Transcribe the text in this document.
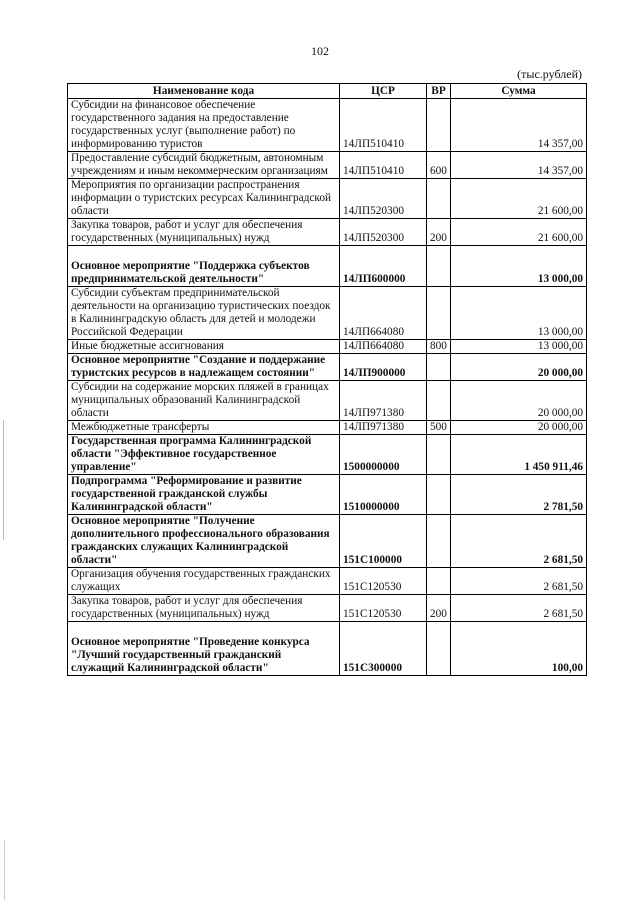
102
(тыс.рублей)
Наименование кода	ЦСР	ВР	Сумма
Субсидии на финансовое обеспечение государственного задания на предоставление государственных услуг (выполнение работ) по информированию туристов	14ЛП510410		14 357,00
Предоставление субсидий бюджетным, автономным учреждениям и иным некоммерческим организациям	14ЛП510410	600	14 357,00
Мероприятия по организации распространения информации о туристских ресурсах Калининградской области	14ЛП520300		21 600,00
Закупка товаров, работ и услуг для обеспечения государственных (муниципальных) нужд	14ЛП520300	200	21 600,00
Основное мероприятие "Поддержка субъектов предпринимательской деятельности"	14ЛП600000		13 000,00
Субсидии субъектам предпринимательской деятельности на организацию туристических поездок в Калининградскую область для детей и молодежи Российской Федерации	14ЛП664080		13 000,00
Иные бюджетные ассигнования	14ЛП664080	800	13 000,00
Основное мероприятие "Создание и поддержание туристских ресурсов в надлежащем состоянии"	14ЛП900000		20 000,00
Субсидии на содержание морских пляжей в границах муниципальных образований Калининградской области	14ЛП971380		20 000,00
Межбюджетные трансферты	14ЛП971380	500	20 000,00
Государственная программа Калининградской области "Эффективное государственное управление"	1500000000		1 450 911,46
Подпрограмма "Реформирование и развитие государственной гражданской службы Калининградской области"	1510000000		2 781,50
Основное мероприятие "Получение дополнительного профессионального образования гражданских служащих Калининградской области"	151С100000		2 681,50
Организация обучения государственных гражданских служащих	151С120530		2 681,50
Закупка товаров, работ и услуг для обеспечения государственных (муниципальных) нужд	151С120530	200	2 681,50
Основное мероприятие "Проведение конкурса "Лучший государственный гражданский служащий Калининградской области"	151С300000		100,00
